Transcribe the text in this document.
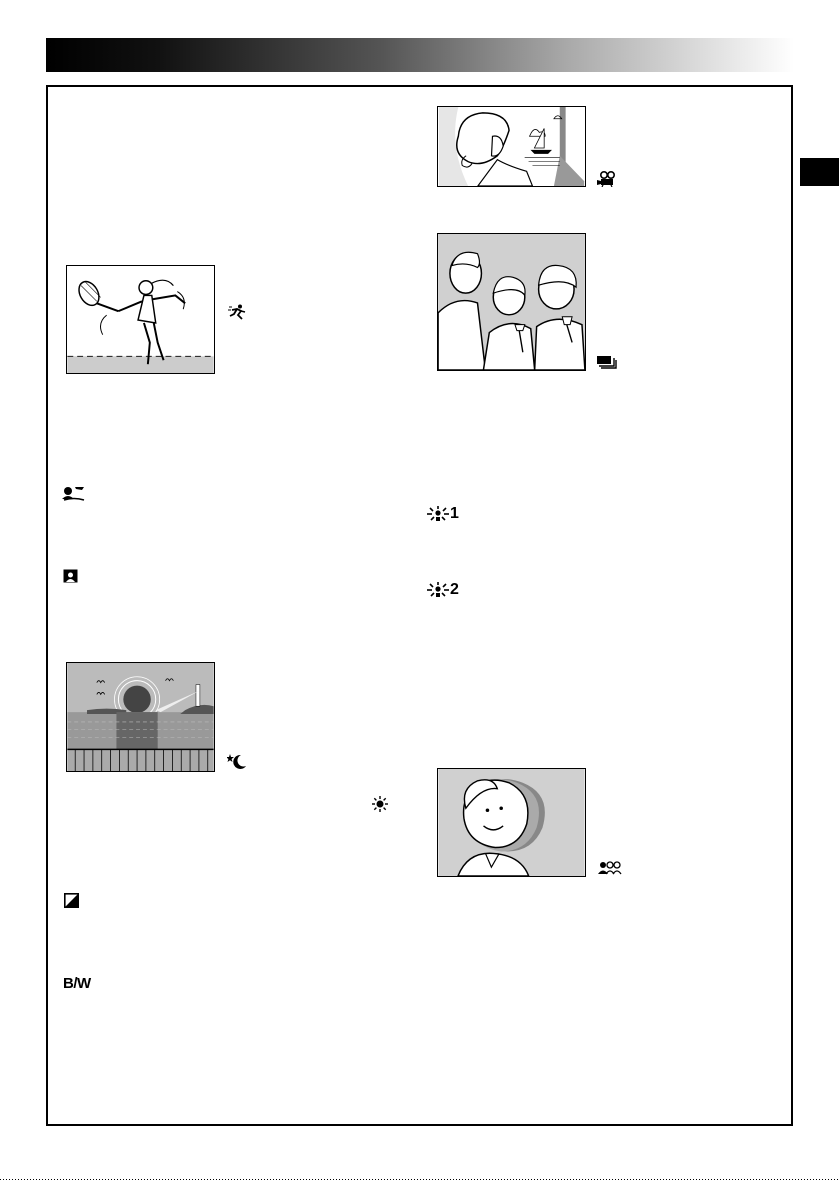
B/W
1
2
